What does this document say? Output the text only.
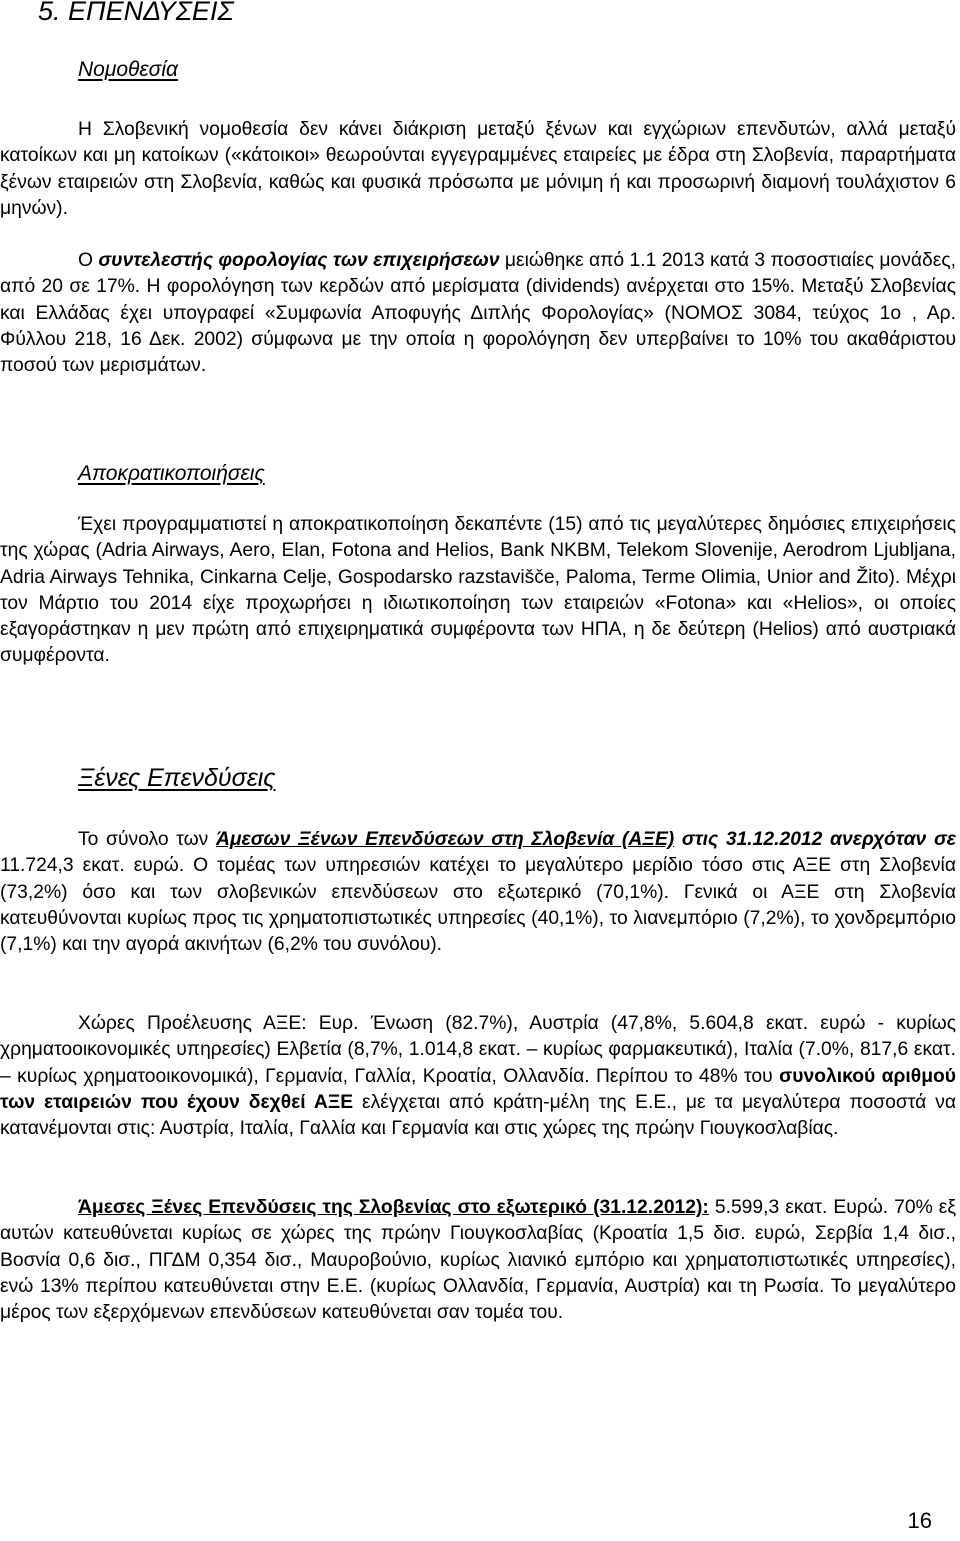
5. ΕΠΕΝΔΥΣΕΙΣ
Νομοθεσία

Η Σλοβενική νομοθεσία δεν κάνει διάκριση μεταξύ ξένων και εγχώριων επενδυτών, αλλά μεταξύ κατοίκων και μη κατοίκων («κάτοικοι» θεωρούνται εγγεγραμμένες εταιρείες με έδρα στη Σλοβενία, παραρτήματα ξένων εταιρειών στη Σλοβενία, καθώς και φυσικά πρόσωπα με μόνιμη ή και προσωρινή διαμονή τουλάχιστον 6 μηνών).

Ο συντελεστής φορολογίας των επιχειρήσεων μειώθηκε από 1.1 2013 κατά 3 ποσοστιαίες μονάδες, από 20 σε 17%. Η φορολόγηση των κερδών από μερίσματα (dividends) ανέρχεται στο 15%. Μεταξύ Σλοβενίας και Ελλάδας έχει υπογραφεί «Συμφωνία Αποφυγής Διπλής Φορολογίας» (ΝΟΜΟΣ 3084, τεύχος 1ο , Αρ. Φύλλου 218, 16 Δεκ. 2002) σύμφωνα με την οποία η φορολόγηση δεν υπερβαίνει το 10% του ακαθάριστου ποσού των μερισμάτων.

Αποκρατικοποιήσεις

Έχει προγραμματιστεί η αποκρατικοποίηση δεκαπέντε (15) από τις μεγαλύτερες δημόσιες επιχειρήσεις της χώρας (Adria Airways, Aero, Elan, Fotona and Helios, Bank NKBM, Telekom Slovenije, Aerodrom Ljubljana, Adria Airways Tehnika, Cinkarna Celje, Gospodarsko razstavišče, Paloma, Terme Olimia, Unior and Žito). Μέχρι τον Μάρτιο του 2014 είχε προχωρήσει η ιδιωτικοποίηση των εταιρειών «Fotona» και «Helios», οι οποίες εξαγοράστηκαν η μεν πρώτη από επιχειρηματικά συμφέροντα των ΗΠΑ, η δε δεύτερη (Helios) από αυστριακά συμφέροντα.

Ξένες Επενδύσεις

Το σύνολο των Άμεσων Ξένων Επενδύσεων στη Σλοβενία (ΑΞΕ) στις 31.12.2012 ανερχόταν σε 11.724,3 εκατ. ευρώ. Ο τομέας των υπηρεσιών κατέχει το μεγαλύτερο μερίδιο τόσο στις ΑΞΕ στη Σλοβενία (73,2%) όσο και των σλοβενικών επενδύσεων στο εξωτερικό (70,1%). Γενικά οι ΑΞΕ στη Σλοβενία κατευθύνονται κυρίως προς τις χρηματοπιστωτικές υπηρεσίες (40,1%), το λιανεμπόριο (7,2%), το χονδρεμπόριο (7,1%) και την αγορά ακινήτων (6,2% του συνόλου).

Χώρες Προέλευσης ΑΞΕ: Ευρ. Ένωση (82.7%), Αυστρία (47,8%, 5.604,8 εκατ. ευρώ - κυρίως χρηματοοικονομικές υπηρεσίες) Ελβετία (8,7%, 1.014,8 εκατ. – κυρίως φαρμακευτικά), Ιταλία (7.0%, 817,6 εκατ. – κυρίως χρηματοοικονομικά), Γερμανία, Γαλλία, Κροατία, Ολλανδία. Περίπου το 48% του συνολικού αριθμού των εταιρειών που έχουν δεχθεί ΑΞΕ ελέγχεται από κράτη-μέλη της Ε.Ε., με τα μεγαλύτερα ποσοστά να κατανέμονται στις: Αυστρία, Ιταλία, Γαλλία και Γερμανία και στις χώρες της πρώην Γιουγκοσλαβίας.

Άμεσες Ξένες Επενδύσεις της Σλοβενίας στο εξωτερικό (31.12.2012): 5.599,3 εκατ. Ευρώ. 70% εξ αυτών κατευθύνεται κυρίως σε χώρες της πρώην Γιουγκοσλαβίας (Κροατία 1,5 δισ. ευρώ, Σερβία 1,4 δισ., Βοσνία 0,6 δισ., ΠΓΔΜ 0,354 δισ., Μαυροβούνιο, κυρίως λιανικό εμπόριο και χρηματοπιστωτικές υπηρεσίες), ενώ 13% περίπου κατευθύνεται στην Ε.Ε. (κυρίως Ολλανδία, Γερμανία, Αυστρία) και τη Ρωσία. Το μεγαλύτερο μέρος των εξερχόμενων επενδύσεων κατευθύνεται σαν τομέα του.

16
